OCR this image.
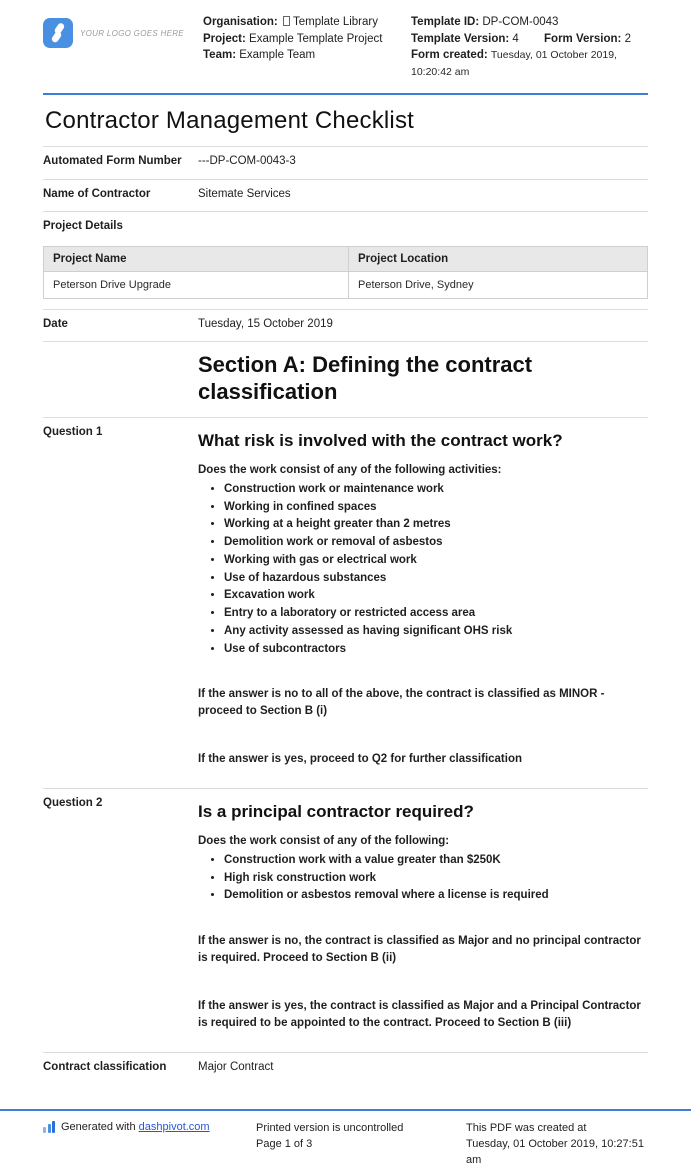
YOUR LOGO GOES HERE
Organisation: Template Library
Project: Example Template Project
Team: Example Team
Template ID: DP-COM-0043
Template Version: 4 Form Version: 2
Form created: Tuesday, 01 October 2019, 10:20:42 am
Contractor Management Checklist
Automated Form Number	---DP-COM-0043-3
Name of Contractor	Sitemate Services
Project Details
Project Name	Project Location
Peterson Drive Upgrade	Peterson Drive, Sydney
Date	Tuesday, 15 October 2019
Section A: Defining the contract classification
Question 1	What risk is involved with the contract work?

Does the work consist of any of the following activities:

• Construction work or maintenance work
• Working in confined spaces
• Working at a height greater than 2 metres
• Demolition work or removal of asbestos
• Working with gas or electrical work
• Use of hazardous substances
• Excavation work
• Entry to a laboratory or restricted access area
• Any activity assessed as having significant OHS risk
• Use of subcontractors

If the answer is no to all of the above, the contract is classified as MINOR - proceed to Section B (i)

If the answer is yes, proceed to Q2 for further classification

Question 2	Is a principal contractor required?

Does the work consist of any of the following:

• Construction work with a value greater than $250K
• High risk construction work
• Demolition or asbestos removal where a license is required

If the answer is no, the contract is classified as Major and no principal contractor is required. Proceed to Section B (ii)

If the answer is yes, the contract is classified as Major and a Principal Contractor is required to be appointed to the contract. Proceed to Section B (iii)

Contract classification	Major Contract
Generated with dashpivot.com	Printed version is uncontrolled
Page 1 of 3
This PDF was created at
Tuesday, 01 October 2019, 10:27:51 am
